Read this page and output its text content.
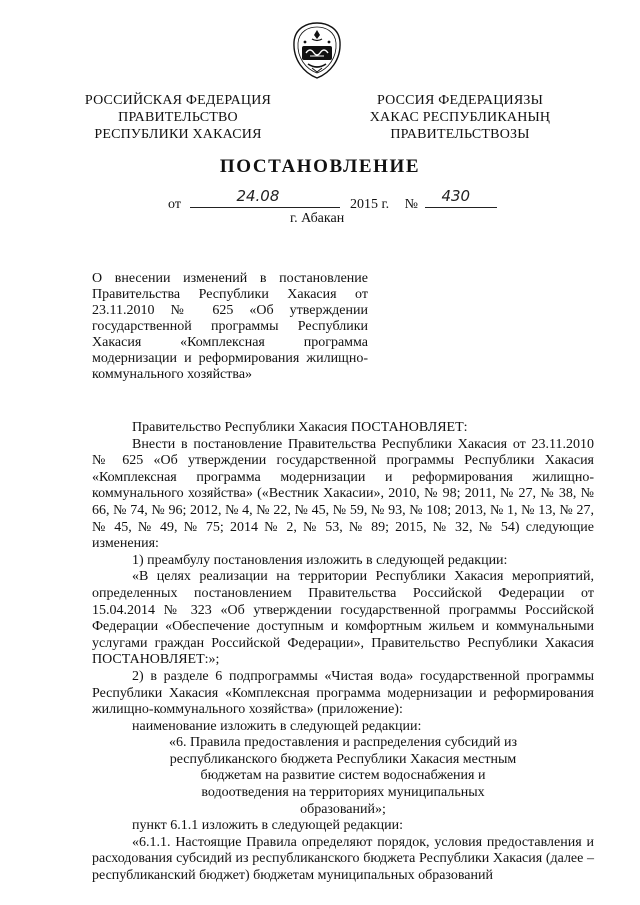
РОССИЙСКАЯ ФЕДЕРАЦИЯ
ПРАВИТЕЛЬСТВО
РЕСПУБЛИКИ ХАКАСИЯ
РОССИЯ ФЕДЕРАЦИЯЗЫ
ХАКАС РЕСПУБЛИКАНЫҢ
ПРАВИТЕЛЬСТВОЗЫ
ПОСТАНОВЛЕНИЕ
от	24.08	2015 г. № 430
г. Абакан
О внесении изменений в постановление Правительства Республики Хакасия от 23.11.2010 № 625 «Об утверждении государственной программы Республики Хакасия «Комплексная программа модернизации и реформирования жилищно-коммунального хозяйства»

Правительство Республики Хакасия ПОСТАНОВЛЯЕТ:

Внести в постановление Правительства Республики Хакасия от 23.11.2010 № 625 «Об утверждении государственной программы Республики Хакасия «Комплексная программа модернизации и реформирования жилищно-коммунального хозяйства» («Вестник Хакасии», 2010, № 98; 2011, № 27, № 38, № 66, № 74, № 96; 2012, № 4, № 22, № 45, № 59, № 93, № 108; 2013, № 1, № 13, № 27, № 45, № 49, № 75; 2014 № 2, № 53, № 89; 2015, № 32, № 54) следующие изменения:

1) преамбулу постановления изложить в следующей редакции:

«В целях реализации на территории Республики Хакасия мероприятий, определенных постановлением Правительства Российской Федерации от 15.04.2014 № 323 «Об утверждении государственной программы Российской Федерации «Обеспечение доступным и комфортным жильем и коммунальными услугами граждан Российской Федерации», Правительство Республики Хакасия ПОСТАНОВЛЯЕТ:»;

2) в разделе 6 подпрограммы «Чистая вода» государственной программы Республики Хакасия «Комплексная программа модернизации и реформирования жилищно-коммунального хозяйства» (приложение):

наименование изложить в следующей редакции:

«6. Правила предоставления и распределения субсидий из республиканского бюджета Республики Хакасия местным бюджетам на развитие систем водоснабжения и водоотведения на территориях муниципальных образований»;

пункт 6.1.1 изложить в следующей редакции:

«6.1.1. Настоящие Правила определяют порядок, условия предоставления и расходования субсидий из республиканского бюджета Республики Хакасия (далее – республиканский бюджет) бюджетам муниципальных образований
